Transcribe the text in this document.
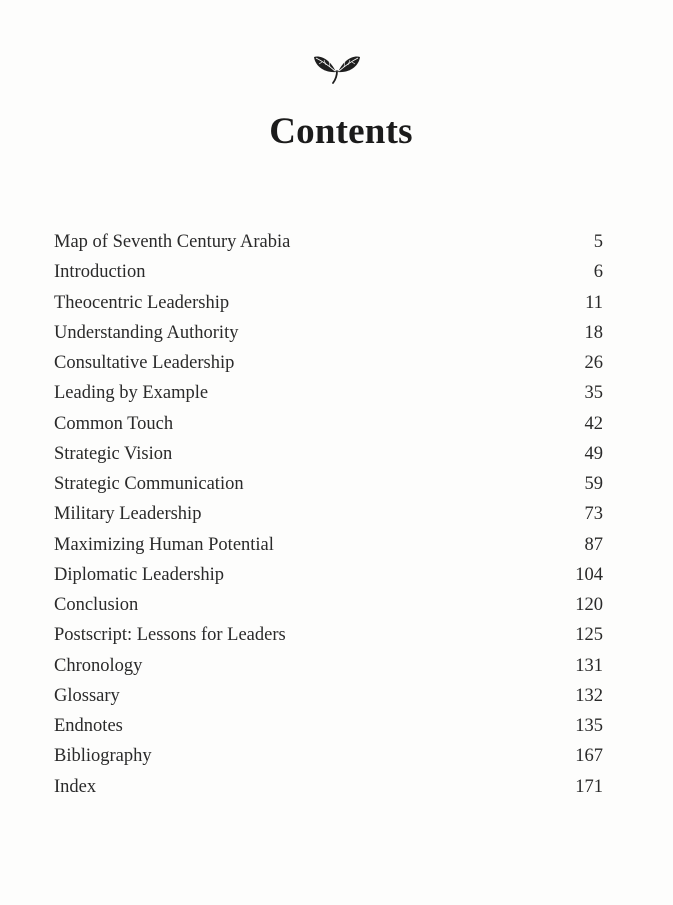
Contents
Map of Seventh Century Arabia	5
Introduction	6
Theocentric Leadership	11
Understanding Authority	18
Consultative Leadership	26
Leading by Example	35
Common Touch	42
Strategic Vision	49
Strategic Communication	59
Military Leadership	73
Maximizing Human Potential	87
Diplomatic Leadership	104
Conclusion	120
Postscript: Lessons for Leaders	125
Chronology	131
Glossary	132
Endnotes	135
Bibliography	167
Index	171
